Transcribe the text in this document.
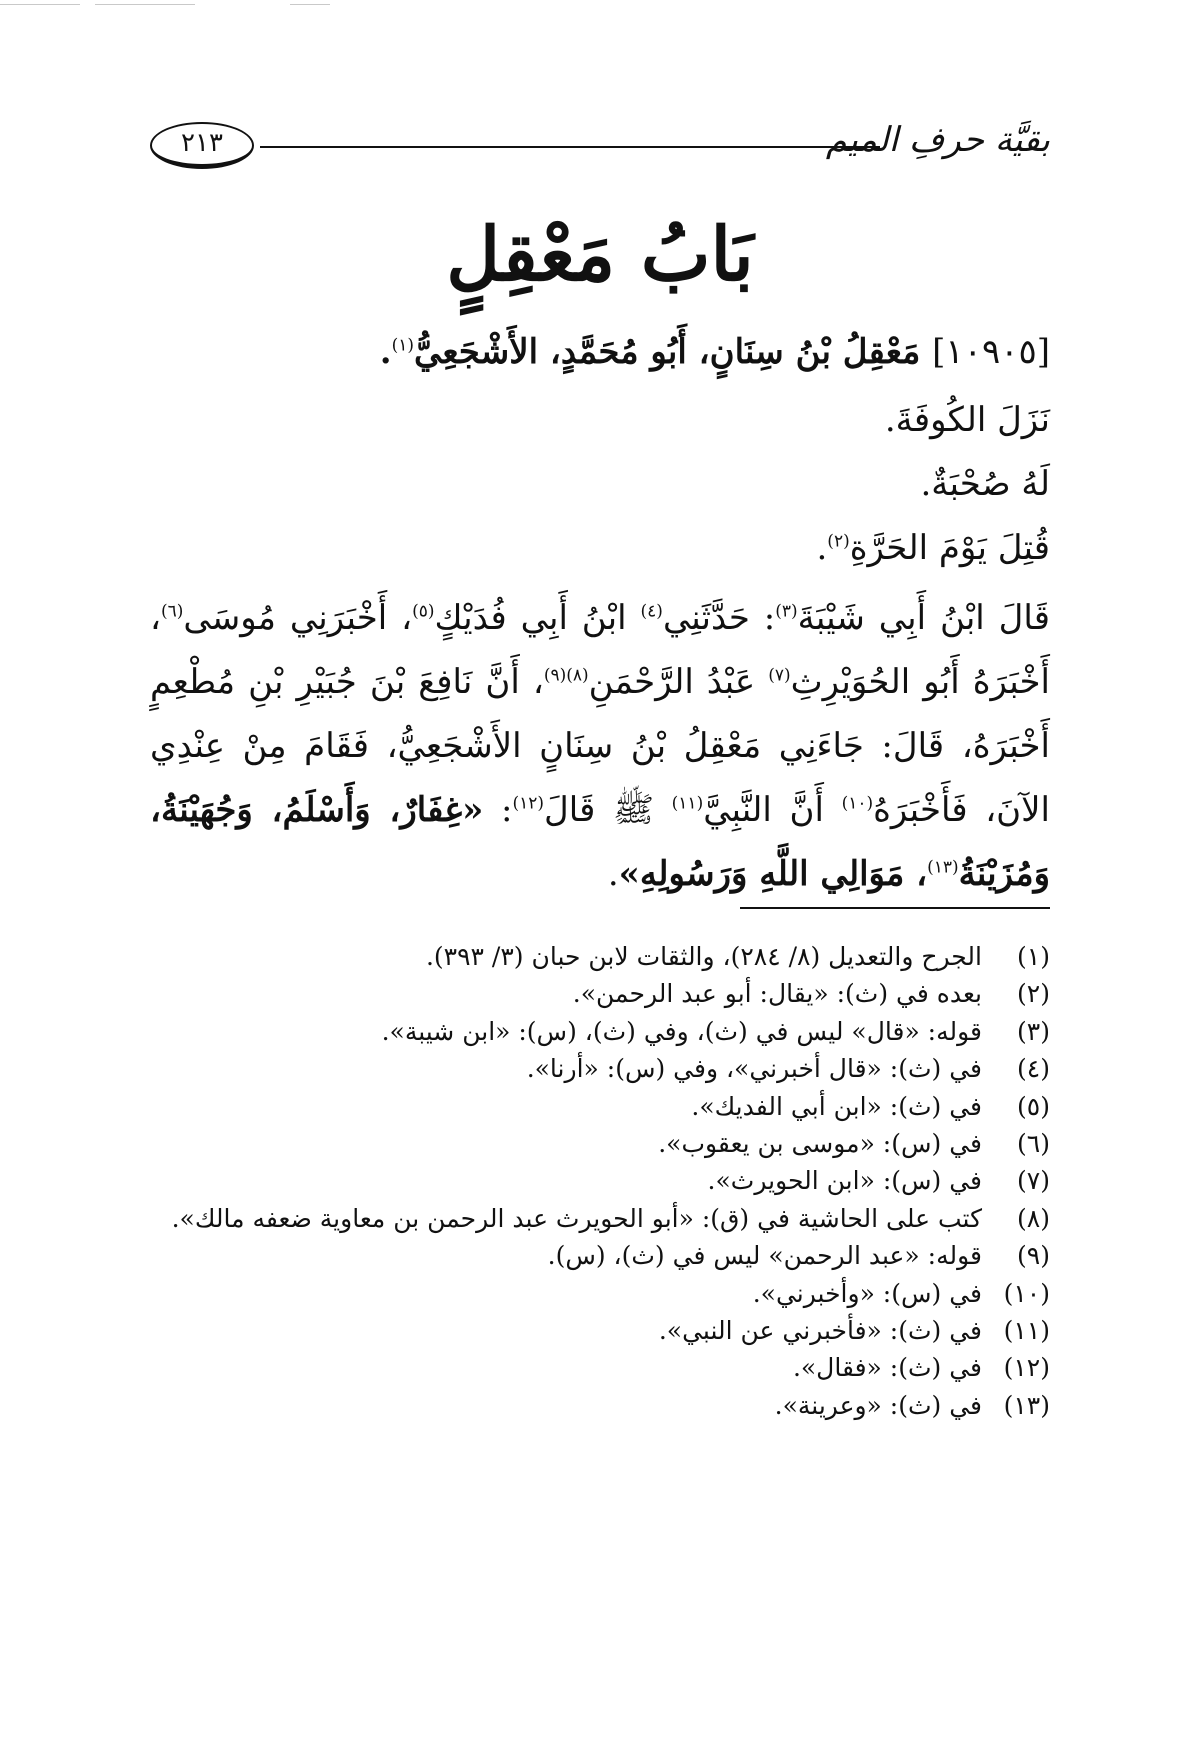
بقيَّة حرفِ الميم
٢١٣
بَابُ مَعْقِلٍ

[١٠٩٠٥] مَعْقِلُ بْنُ سِنَانٍ، أَبُو مُحَمَّدٍ، الأَشْجَعِيُّ$^{(١)}$.

نَزَلَ الكُوفَةَ.

لَهُ صُحْبَةٌ.

قُتِلَ يَوْمَ الحَرَّةِ$^{(٢)}$.

قَالَ ابْنُ أَبِي شَيْبَةَ$^{(٣)}$: حَدَّثَنِي$^{(٤)}$ ابْنُ أَبِي فُدَيْكٍ$^{(٥)}$، أَخْبَرَنِي مُوسَى$^{(٦)}$، أَخْبَرَهُ أَبُو الحُوَيْرِثِ$^{(٧)}$ عَبْدُ الرَّحْمَنِ$^{(٨)(٩)}$، أَنَّ نَافِعَ بْنَ جُبَيْرِ بْنِ مُطْعِمٍ أَخْبَرَهُ، قَالَ: جَاءَنِي مَعْقِلُ بْنُ سِنَانٍ الأَشْجَعِيُّ، فَقَامَ مِنْ عِنْدِي الآنَ، فَأَخْبَرَهُ$^{(١٠)}$ أَنَّ النَّبِيَّ$^{(١١)}$ ﷺ قَالَ$^{(١٢)}$: «غِفَارٌ، وَأَسْلَمُ، وَجُهَيْنَةُ، وَمُزَيْنَةُ$^{(١٣)}$، مَوَالِي اللَّهِ وَرَسُولِهِ».

(١)الجرح والتعديل (٨/ ٢٨٤)، والثقات لابن حبان (٣/ ٣٩٣).
(٢)بعده في (ث): «يقال: أبو عبد الرحمن».
(٣)قوله: «قال» ليس في (ث)، وفي (ث)، (س): «ابن شيبة».
(٤)في (ث): «قال أخبرني»، وفي (س): «أرنا».
(٥)في (ث): «ابن أبي الفديك».
(٦)في (س): «موسى بن يعقوب».
(٧)في (س): «ابن الحويرث».
(٨)كتب على الحاشية في (ق): «أبو الحويرث عبد الرحمن بن معاوية ضعفه مالك».
(٩)قوله: «عبد الرحمن» ليس في (ث)، (س).
(١٠)في (س): «وأخبرني».
(١١)في (ث): «فأخبرني عن النبي».
(١٢)في (ث): «فقال».
(١٣)في (ث): «وعرينة».
